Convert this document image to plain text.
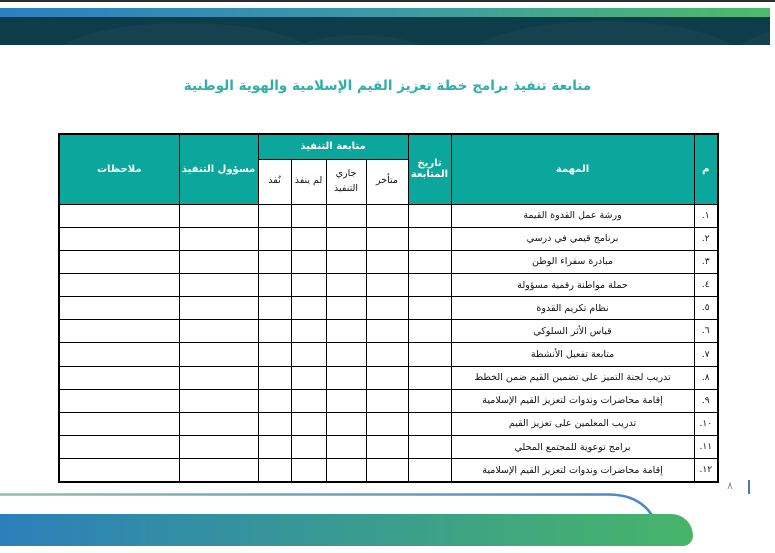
متابعة تنفيذ برامج خطة تعزيز القيم الإسلامية والهوية الوطنية
م	المهمة	تاريخ المتابعة	متابعة التنفيذ				مسؤول التنفيذ	ملاحظات
			متأخر	جاري التنفيذ	لم ينفذ	نُفذ		
١.	ورشة عمل القدوة القيمة							
٢.	برنامج قيمي في درسي							
٣.	مبادرة سفراء الوطن							
٤.	حملة مواطنة رقمية مسؤولة							
٥.	نظام تكريم القدوة							
٦.	قياس الأثر السلوكي							
٧.	متابعة تفعيل الأنشطة							
٨.	تدريب لجنة التميز على تضمين القيم ضمن الخطط							
٩.	إقامة محاضرات وندوات لتعزيز القيم الإسلامية							
١٠.	تدريب المعلمين على تعزيز القيم							
١١.	برامج توعوية للمجتمع المحلي							
١٢.	إقامة محاضرات وندوات لتعزيز القيم الإسلامية							
٨
